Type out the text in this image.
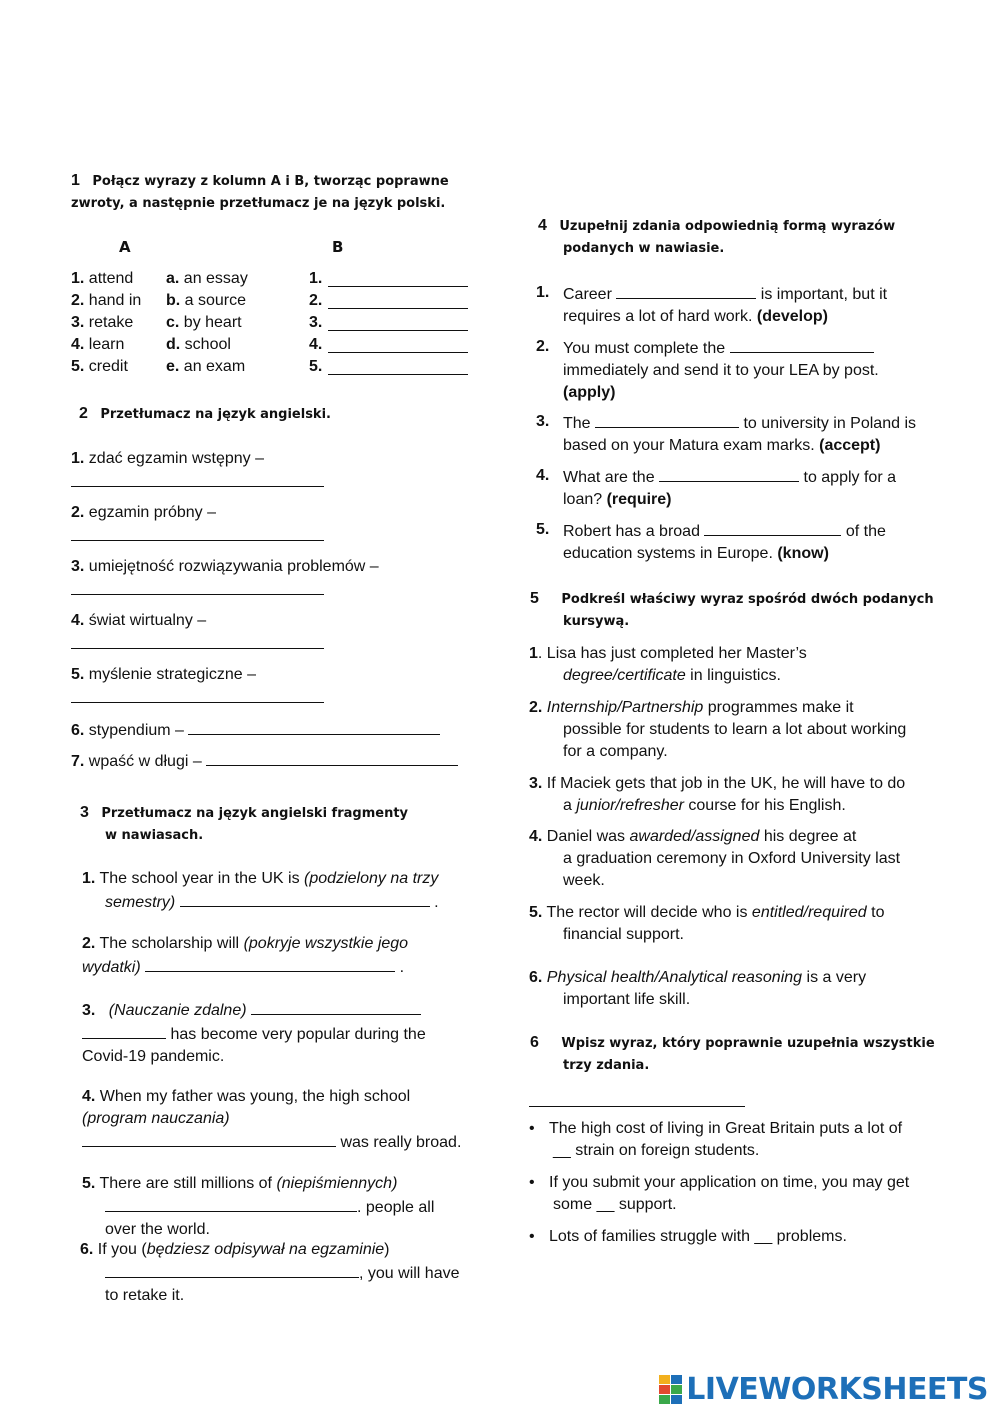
1 Połącz wyrazy z kolumn A i B, tworząc poprawne
zwroty, a następnie przetłumacz je na język polski.
A	B
1. attend a. an essay	1.
2. hand in b. a source	2.
3. retake c. by heart	3.
4. learn	d. school	4.
5. credit e. an exam	5.
2 Przetłumacz na język angielski.
1. zdać egzamin wstępny –

2. egzamin próbny –

3. umiejętność rozwiązywania problemów –

4. świat wirtualny –

5. myślenie strategiczne –

6. stypendium –
7. wpaść w długi –
3 Przetłumacz na język angielski fragmenty
w nawiasach.
1. The school year in the UK is (podzielony na trzy
semestry)	.
2. The scholarship will (pokryje wszystkie jego
wydatki)	.
3. (Nauczanie zdalne)
has become very popular during the
Covid-19 pandemic.
4. When my father was young, the high school
(program nauczania)
was really broad.
5. There are still millions of (niepiśmiennych)
. people all
over the world.
6. If you (będziesz odpisywał na egzaminie)
, you will have
to retake it.
4 Uzupełnij zdania odpowiednią formą wyrazów
podanych w nawiasie.
1. Career	is important, but it
requires a lot of hard work. (develop)
2. You must complete the
immediately and send it to your LEA by post.
(apply)
3. The	to university in Poland is
based on your Matura exam marks. (accept)
4. What are the	to apply for a
loan? (require)
5. Robert has a broad	of the
education systems in Europe. (know)
5 Podkreśl właściwy wyraz spośród dwóch podanych
kursywą.
1. Lisa has just completed her Master’s
degree/certificate in linguistics.
2. Internship/Partnership programmes make it
possible for students to learn a lot about working
for a company.
3. If Maciek gets that job in the UK, he will have to do
a junior/refresher course for his English.
4. Daniel was awarded/assigned his degree at
a graduation ceremony in Oxford University last
week.
5. The rector will decide who is entitled/required to
financial support.
6. Physical health/Analytical reasoning is a very
important life skill.
6 Wpisz wyraz, który poprawnie uzupełnia wszystkie
trzy zdania.
• The high cost of living in Great Britain puts a lot of
__ strain on foreign students.
• If you submit your application on time, you may get
some __ support.
• Lots of families struggle with __ problems.
LIVEWORKSHEETS
